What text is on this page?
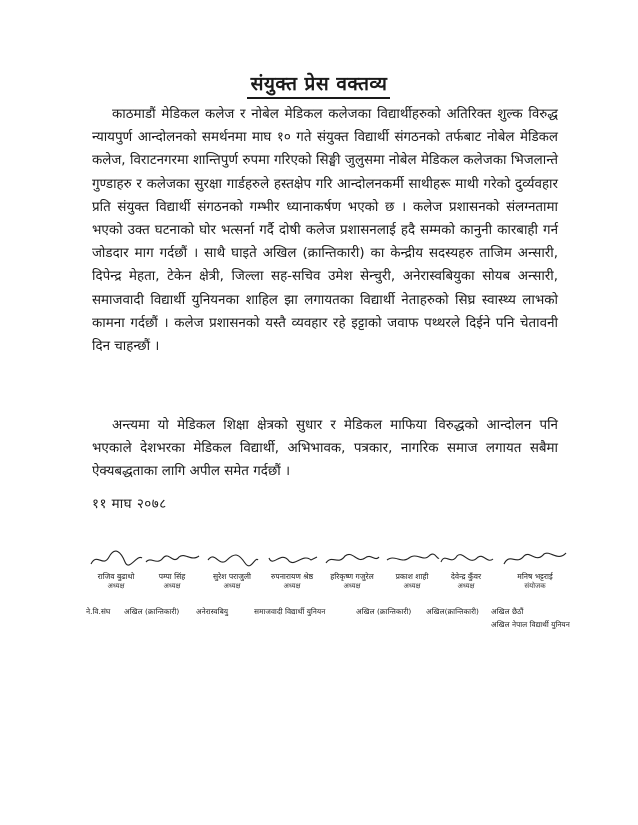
संयुक्त प्रेस वक्तव्य
काठमाडौं मेडिकल कलेज र नोबेल मेडिकल कलेजका विद्यार्थीहरुको अतिरिक्त शुल्क विरुद्ध न्यायपुर्ण आन्दोलनको समर्थनमा माघ १० गते संयुक्त विद्यार्थी संगठनको तर्फबाट नोबेल मेडिकल कलेज, विराटनगरमा शान्तिपुर्ण रुपमा गरिएको सिङ्घी जुलुसमा नोबेल मेडिकल कलेजका भिजलान्ते गुण्डाहरु र कलेजका सुरक्षा गार्डहरुले हस्तक्षेप गरि आन्दोलनकर्मी साथीहरू माथी गरेको दुर्व्यवहार प्रति संयुक्त विद्यार्थी संगठनको गम्भीर ध्यानाकर्षण भएको छ । कलेज प्रशासनको संलग्नतामा भएको उक्त घटनाको घोर भत्सर्ना गर्दै दोषी कलेज प्रशासनलाई हदै सम्मको कानुनी कारबाही गर्न जोडदार माग गर्दछौं । साथै घाइते अखिल (क्रान्तिकारी) का केन्द्रीय सदस्यहरु ताजिम अन्सारी, दिपेन्द्र मेहता, टेकेन क्षेत्री, जिल्ला सह-सचिव उमेश सेन्चुरी, अनेरास्वबियुका सोयब अन्सारी, समाजवादी विद्यार्थी युनियनका शाहिल झा लगायतका विद्यार्थी नेताहरुको सिघ्र स्वास्थ्य लाभको कामना गर्दछौं । कलेज प्रशासनको यस्तै व्यवहार रहे इट्टाको जवाफ पथ्थरले दिईने पनि चेतावनी दिन चाहन्छौं ।
अन्त्यमा यो मेडिकल शिक्षा क्षेत्रको सुधार र मेडिकल माफिया विरुद्धको आन्दोलन पनि भएकाले देशभरका मेडिकल विद्यार्थी, अभिभावक, पत्रकार, नागरिक समाज लगायत सबैमा ऐक्यबद्धताका लागि अपील समेत गर्दछौं ।
११ माघ २०७८
राजिव बुढाथो
अध्यक्ष
पम्पा सिंह
अध्यक्ष
सुरेश पराजुली
अध्यक्ष
रुपनारायण श्रेष्ठ
अध्यक्ष
हरिकृष्ण गजुरेल
अध्यक्ष
प्रकाश शाही
अध्यक्ष
देवेन्द्र कुँवर
अध्यक्ष
मनिष भट्टराई
संयोजक
ने.वि.संघ अखिल (क्रान्तिकारी) अनेरास्वबियु	समाजवादी विद्यार्थी युनियन	अखिल (क्रान्तिकारी) अखिल(क्रान्तिकारी) अखिल छैठौं
अखिल नेपाल विद्यार्थी युनियन
